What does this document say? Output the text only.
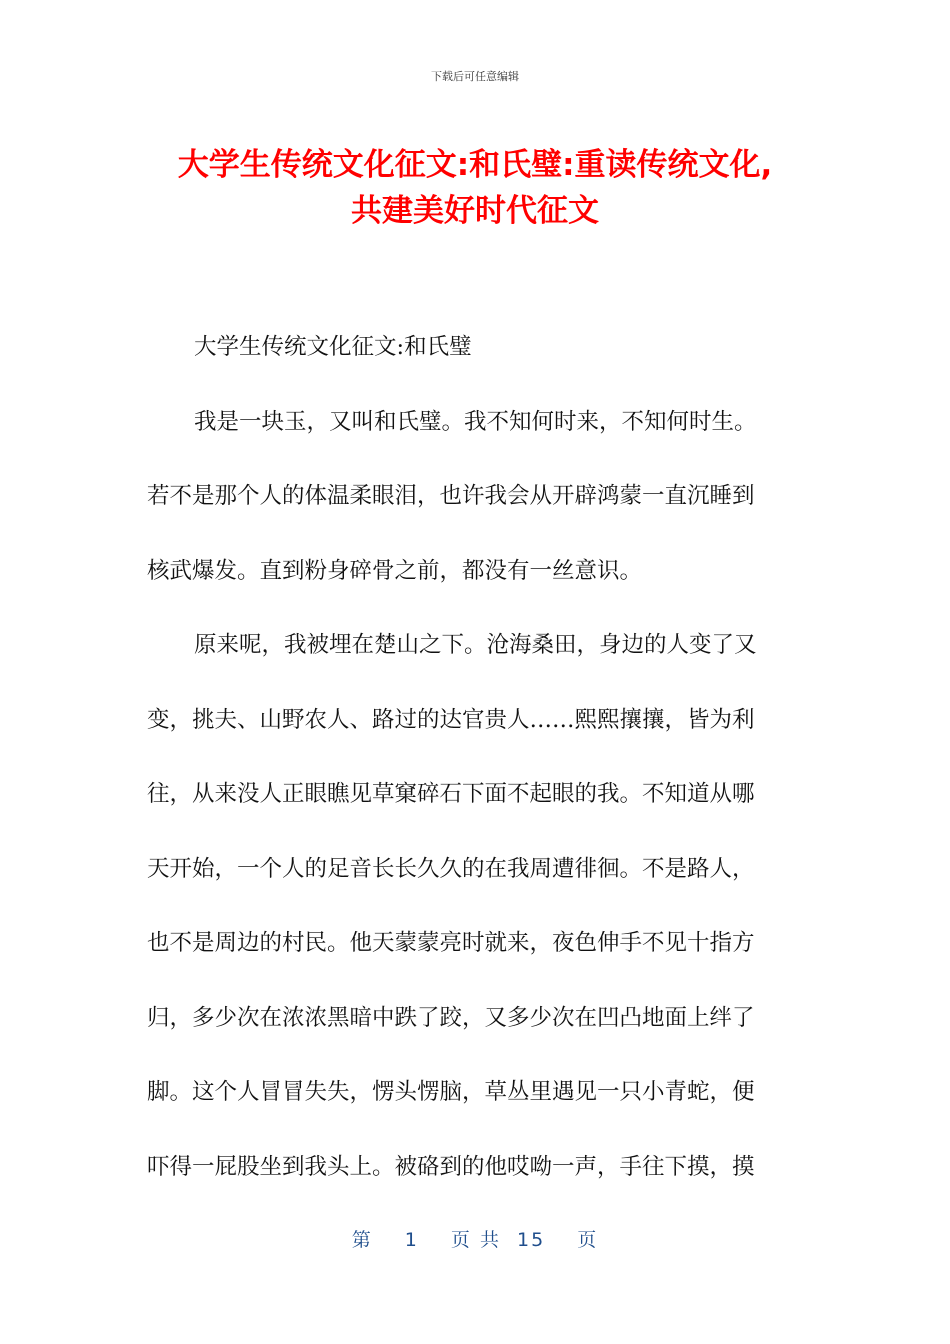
下载后可任意编辑
大学生传统文化征文:和氏璧:重读传统文化,
共建美好时代征文
大学生传统文化征文:和氏璧
我是一块玉，又叫和氏璧。我不知何时来，不知何时生。
若不是那个人的体温柔眼泪，也许我会从开辟鸿蒙一直沉睡到
核武爆发。直到粉身碎骨之前，都没有一丝意识。
原来呢，我被埋在楚山之下。沧海桑田，身边的人变了又
变，挑夫、山野农人、路过的达官贵人……熙熙攘攘，皆为利
往，从来没人正眼瞧见草窠碎石下面不起眼的我。不知道从哪
天开始，一个人的足音长长久久的在我周遭徘徊。不是路人，
也不是周边的村民。他天蒙蒙亮时就来，夜色伸手不见十指方
归，多少次在浓浓黑暗中跌了跤，又多少次在凹凸地面上绊了
脚。这个人冒冒失失，愣头愣脑，草丛里遇见一只小青蛇，便
吓得一屁股坐到我头上。被硌到的他哎呦一声，手往下摸，摸
第 1 页 共 15 页
